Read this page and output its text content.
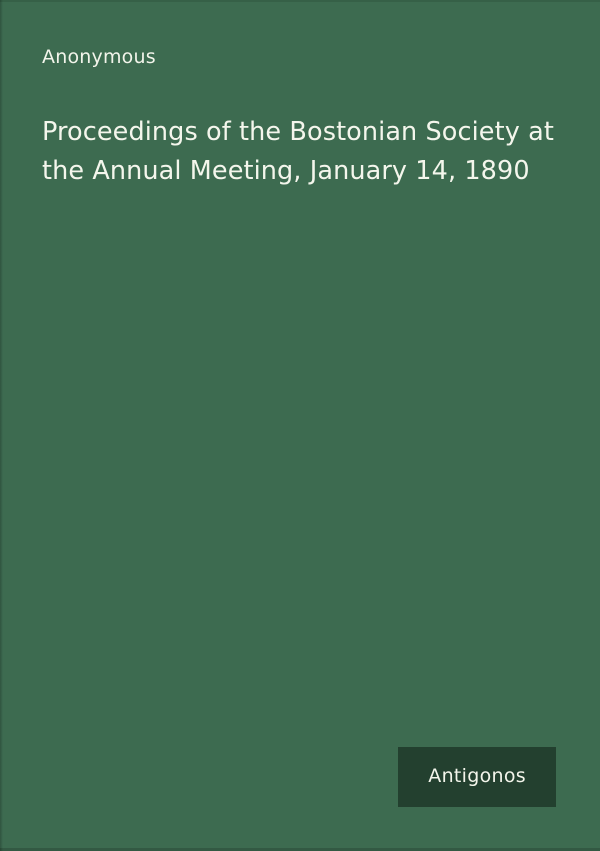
Anonymous
Proceedings of the Bostonian Society at the Annual Meeting, January 14, 1890
Antigonos
